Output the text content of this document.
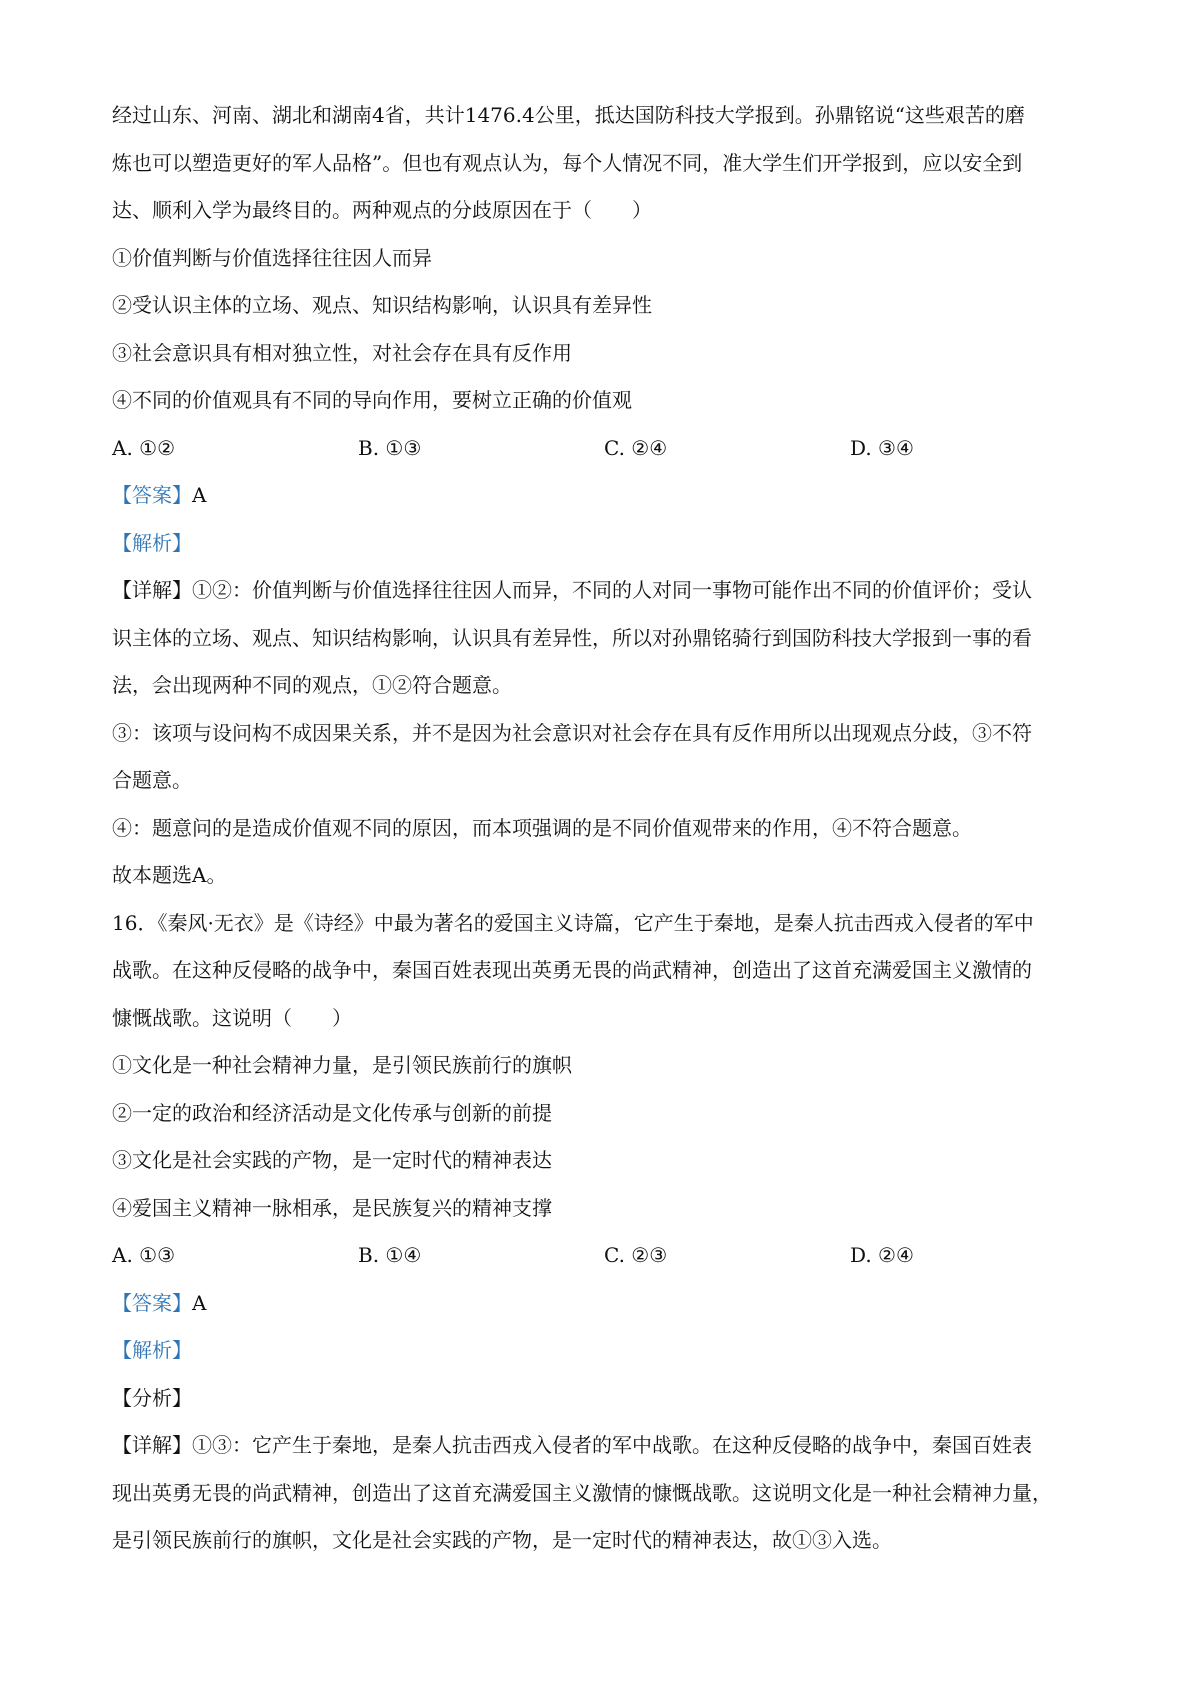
经过山东、河南、湖北和湖南4省，共计1476.4公里，抵达国防科技大学报到。孙鼎铭说“这些艰苦的磨
炼也可以塑造更好的军人品格”。但也有观点认为，每个人情况不同，准大学生们开学报到，应以安全到
达、顺利入学为最终目的。两种观点的分歧原因在于（　　）
①价值判断与价值选择往往因人而异
②受认识主体的立场、观点、知识结构影响，认识具有差异性
③社会意识具有相对独立性，对社会存在具有反作用
④不同的价值观具有不同的导向作用，要树立正确的价值观
A. ①②	B. ①③	C. ②④	D. ③④
【答案】A
【解析】
【详解】①②：价值判断与价值选择往往因人而异，不同的人对同一事物可能作出不同的价值评价；受认
识主体的立场、观点、知识结构影响，认识具有差异性，所以对孙鼎铭骑行到国防科技大学报到一事的看
法，会出现两种不同的观点，①②符合题意。
③：该项与设问构不成因果关系，并不是因为社会意识对社会存在具有反作用所以出现观点分歧，③不符
合题意。
④：题意问的是造成价值观不同的原因，而本项强调的是不同价值观带来的作用，④不符合题意。
故本题选A。
16．《秦风·无衣》是《诗经》中最为著名的爱国主义诗篇，它产生于秦地，是秦人抗击西戎入侵者的军中
战歌。在这种反侵略的战争中，秦国百姓表现出英勇无畏的尚武精神，创造出了这首充满爱国主义激情的
慷慨战歌。这说明（　　）
①文化是一种社会精神力量，是引领民族前行的旗帜
②一定的政治和经济活动是文化传承与创新的前提
③文化是社会实践的产物，是一定时代的精神表达
④爱国主义精神一脉相承，是民族复兴的精神支撑
A. ①③	B. ①④	C. ②③	D. ②④
【答案】A
【解析】
【分析】
【详解】①③：它产生于秦地，是秦人抗击西戎入侵者的军中战歌。在这种反侵略的战争中，秦国百姓表
现出英勇无畏的尚武精神，创造出了这首充满爱国主义激情的慷慨战歌。这说明文化是一种社会精神力量，
是引领民族前行的旗帜，文化是社会实践的产物，是一定时代的精神表达，故①③入选。
